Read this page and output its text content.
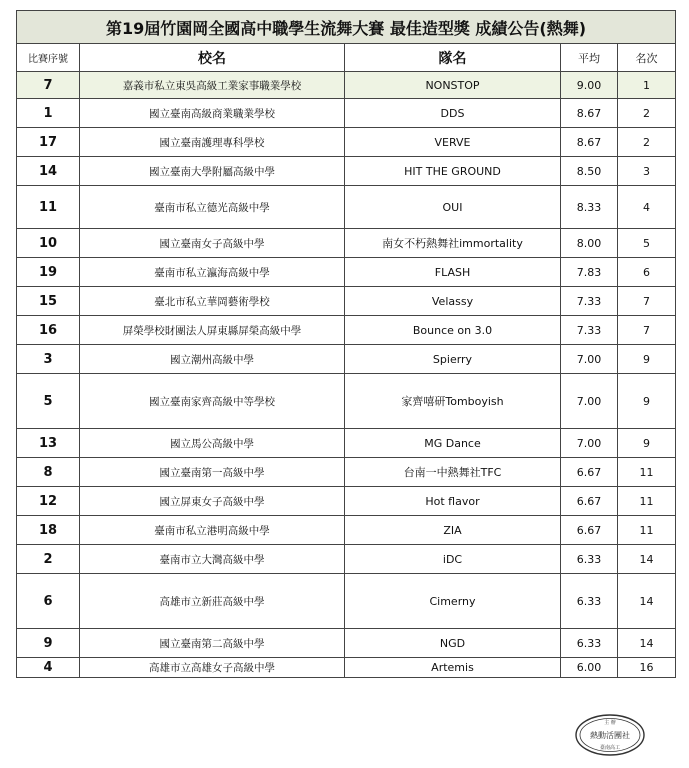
第19屆竹園岡全國高中職學生流舞大賽 最佳造型獎 成績公告(熱舞)				
比賽序號	校名	隊名	平均	名次
7	嘉義市私立東吳高級工業家事職業學校	NONSTOP	9.00	1
1	國立臺南高級商業職業學校	DDS	8.67	2
17	國立臺南護理專科學校	VERVE	8.67	2
14	國立臺南大學附屬高級中學	HIT THE GROUND	8.50	3
11	臺南市私立德光高級中學	OUI	8.33	4
10	國立臺南女子高級中學	南女不朽熱舞社immortality	8.00	5
19	臺南市私立瀛海高級中學	FLASH	7.83	6
15	臺北市私立華岡藝術學校	Velassy	7.33	7
16	屏榮學校財團法人屏東縣屏榮高級中學	Bounce on 3.0	7.33	7
3	國立潮州高級中學	Spierry	7.00	9
5	國立臺南家齊高級中等學校	家齊嘻研Tomboyish	7.00	9
13	國立馬公高級中學	MG Dance	7.00	9
8	國立臺南第一高級中學	台南一中熱舞社TFC	6.67	11
12	國立屏東女子高級中學	Hot flavor	6.67	11
18	臺南市私立港明高級中學	ZIA	6.67	11
2	臺南市立大灣高級中學	iDC	6.33	14
6	高雄市立新莊高級中學	Cimerny	6.33	14
9	國立臺南第二高級中學	NGD	6.33	14
4	高雄市立高雄女子高級中學	Artemis	6.00	16
主 辦
熱動活團社
臺南高工
